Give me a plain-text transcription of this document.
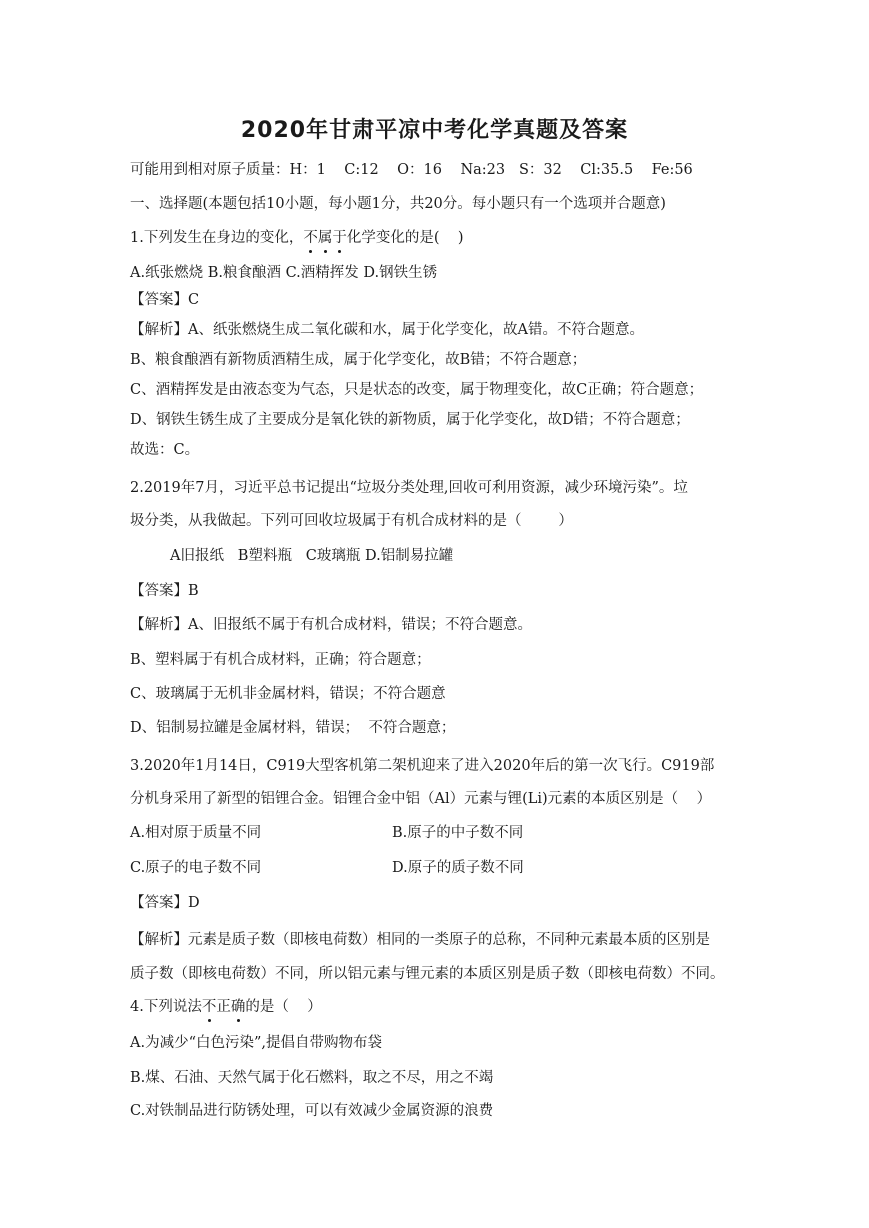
2020年甘肃平凉中考化学真题及答案
可能用到相对原子质量：H：1    C:12    O：16    Na:23   S：32    Cl:35.5    Fe:56
一、选择题(本题包括10小题，每小题1分，共20分。每小题只有一个选项并合题意)
1.下列发生在身边的变化，不属于化学变化的是(    )
A.纸张燃烧 B.粮食酿酒 C.酒精挥发 D.钢铁生锈
【答案】C
【解析】A、纸张燃烧生成二氧化碳和水，属于化学变化，故A错。不符合题意。
B、粮食酿酒有新物质酒精生成，属于化学变化，故B错；不符合题意；
C、酒精挥发是由液态变为气态，只是状态的改变，属于物理变化，故C正确；符合题意；
D、钢铁生锈生成了主要成分是氧化铁的新物质，属于化学变化，故D错；不符合题意；
故选：C。
2.2019年7月，习近平总书记提出“垃圾分类处理,回收可利用资源，减少环境污染”。垃
圾分类，从我做起。下列可回收垃圾属于有机合成材料的是（        ）
A旧报纸   B塑料瓶   C玻璃瓶 D.铝制易拉罐
【答案】B
【解析】A、旧报纸不属于有机合成材料，错误；不符合题意。
B、塑料属于有机合成材料，正确；符合题意；
C、玻璃属于无机非金属材料，错误；不符合题意
D、铝制易拉罐是金属材料，错误；  不符合题意；
3.2020年1月14日，C919大型客机第二架机迎来了进入2020年后的第一次飞行。C919部
分机身采用了新型的铝锂合金。铝锂合金中铝（Al）元素与锂(Li)元素的本质区别是（    ）
A.相对原于质量不同	B.原子的中子数不同
C.原子的电子数不同	D.原子的质子数不同
【答案】D
【解析】元素是质子数（即核电荷数）相同的一类原子的总称，不同种元素最本质的区别是
质子数（即核电荷数）不同，所以铝元素与锂元素的本质区别是质子数（即核电荷数）不同。
4.下列说法不正确的是（    ）
A.为减少“白色污染”,提倡自带购物布袋
B.煤、石油、天然气属于化石燃料，取之不尽，用之不竭
C.对铁制品进行防锈处理，可以有效减少金属资源的浪费
